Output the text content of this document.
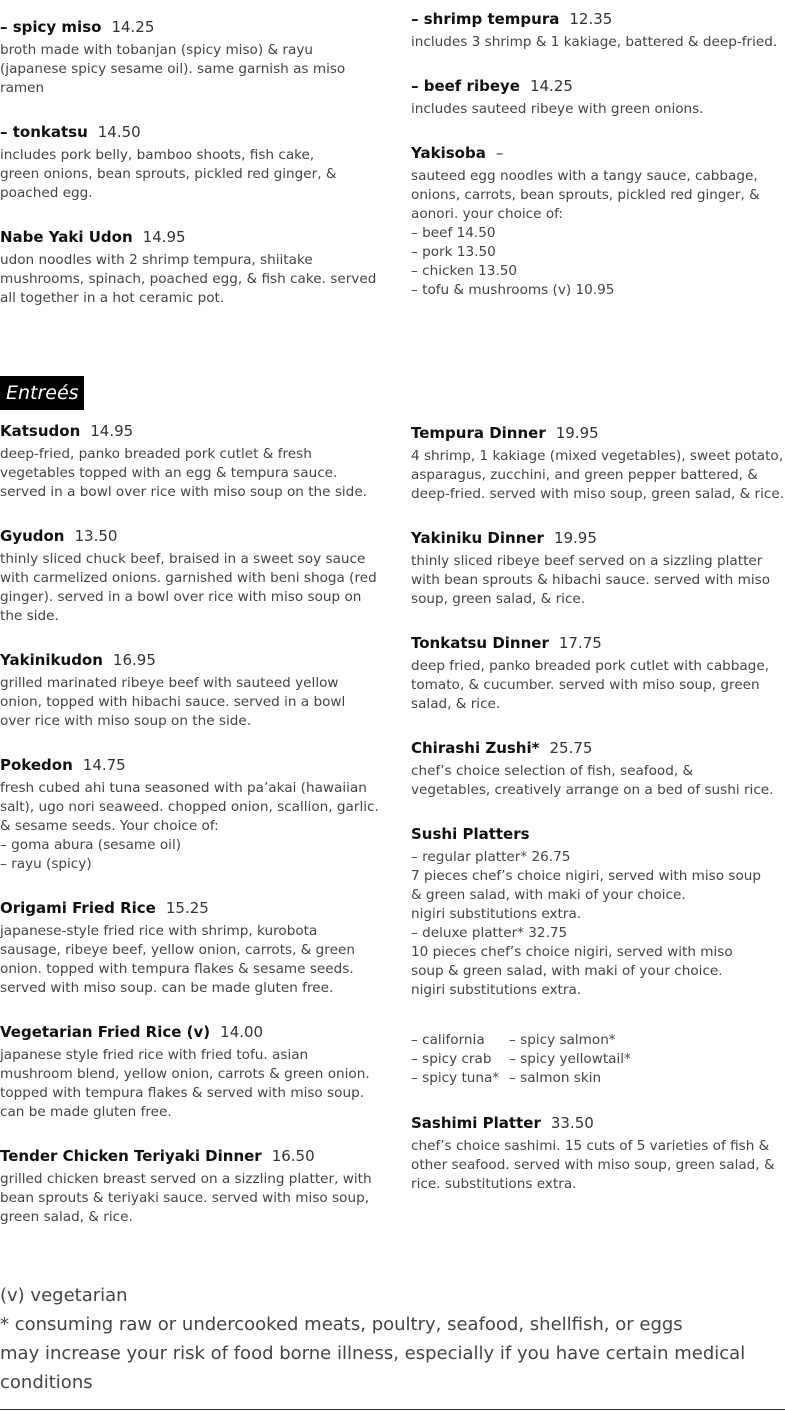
– spicy miso 14.25
broth made with tobanjan (spicy miso) & rayu
(japanese spicy sesame oil). same garnish as miso
ramen
– tonkatsu 14.50
includes pork belly, bamboo shoots, fish cake,
green onions, bean sprouts, pickled red ginger, &
poached egg.
Nabe Yaki Udon 14.95
udon noodles with 2 shrimp tempura, shiitake
mushrooms, spinach, poached egg, & fish cake. served
all together in a hot ceramic pot.
– shrimp tempura 12.35
includes 3 shrimp & 1 kakiage, battered & deep-fried.
– beef ribeye 14.25
includes sauteed ribeye with green onions.
Yakisoba –
sauteed egg noodles with a tangy sauce, cabbage,
onions, carrots, bean sprouts, pickled red ginger, &
aonori. your choice of:
– beef 14.50
– pork 13.50
– chicken 13.50
– tofu & mushrooms (v) 10.95
Entreés
Katsudon 14.95
deep-fried, panko breaded pork cutlet & fresh
vegetables topped with an egg & tempura sauce.
served in a bowl over rice with miso soup on the side.
Gyudon 13.50
thinly sliced chuck beef, braised in a sweet soy sauce
with carmelized onions. garnished with beni shoga (red
ginger). served in a bowl over rice with miso soup on
the side.
Yakinikudon 16.95
grilled marinated ribeye beef with sauteed yellow
onion, topped with hibachi sauce. served in a bowl
over rice with miso soup on the side.
Pokedon 14.75
fresh cubed ahi tuna seasoned with pa’akai (hawaiian
salt), ugo nori seaweed. chopped onion, scallion, garlic.
& sesame seeds. Your choice of:
– goma abura (sesame oil)
– rayu (spicy)
Origami Fried Rice 15.25
japanese-style fried rice with shrimp, kurobota
sausage, ribeye beef, yellow onion, carrots, & green
onion. topped with tempura flakes & sesame seeds.
served with miso soup. can be made gluten free.
Vegetarian Fried Rice (v) 14.00
japanese style fried rice with fried tofu. asian
mushroom blend, yellow onion, carrots & green onion.
topped with tempura flakes & served with miso soup.
can be made gluten free.
Tender Chicken Teriyaki Dinner 16.50
grilled chicken breast served on a sizzling platter, with
bean sprouts & teriyaki sauce. served with miso soup,
green salad, & rice.
Tempura Dinner 19.95
4 shrimp, 1 kakiage (mixed vegetables), sweet potato,
asparagus, zucchini, and green pepper battered, &
deep-fried. served with miso soup, green salad, & rice.
Yakiniku Dinner 19.95
thinly sliced ribeye beef served on a sizzling platter
with bean sprouts & hibachi sauce. served with miso
soup, green salad, & rice.
Tonkatsu Dinner 17.75
deep fried, panko breaded pork cutlet with cabbage,
tomato, & cucumber. served with miso soup, green
salad, & rice.
Chirashi Zushi* 25.75
chef’s choice selection of fish, seafood, &
vegetables, creatively arrange on a bed of sushi rice.
Sushi Platters
– regular platter* 26.75
7 pieces chef’s choice nigiri, served with miso soup
& green salad, with maki of your choice.
nigiri substitutions extra.
– deluxe platter* 32.75
10 pieces chef’s choice nigiri, served with miso
soup & green salad, with maki of your choice.
nigiri substitutions extra.
– california
– spicy crab
– spicy tuna*
– spicy salmon*
– spicy yellowtail*
– salmon skin
Sashimi Platter 33.50
chef’s choice sashimi. 15 cuts of 5 varieties of fish &
other seafood. served with miso soup, green salad, &
rice. substitutions extra.
(v) vegetarian
* consuming raw or undercooked meats, poultry, seafood, shellfish, or eggs
may increase your risk of food borne illness, especially if you have certain medical
conditions
